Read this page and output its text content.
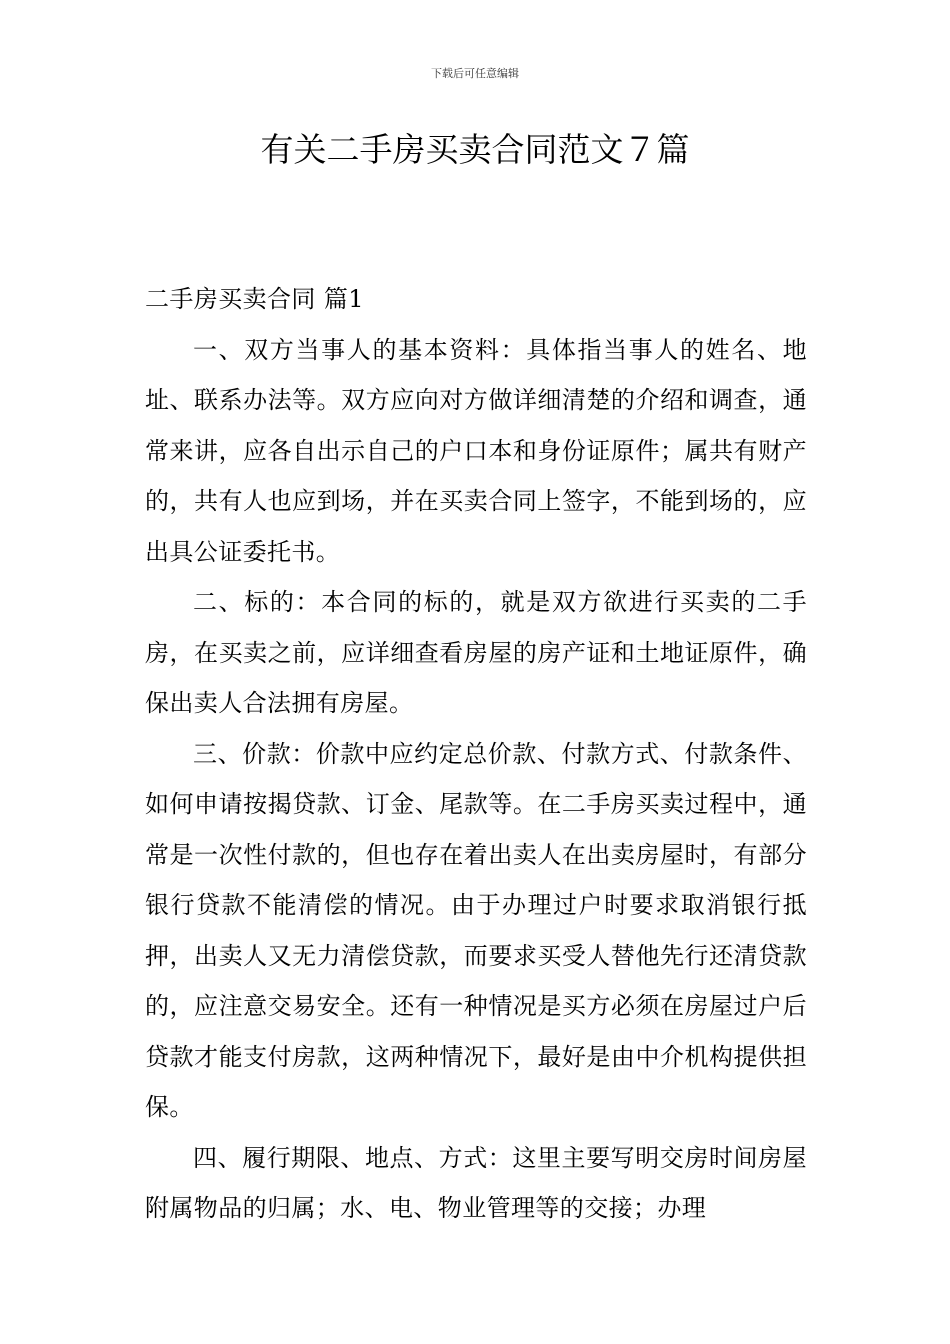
下载后可任意编辑
有关二手房买卖合同范文７篇

二手房买卖合同 篇1

一、双方当事人的基本资料：具体指当事人的姓名、地址、联系办法等。双方应向对方做详细清楚的介绍和调查，通常来讲，应各自出示自己的户口本和身份证原件；属共有财产的，共有人也应到场，并在买卖合同上签字，不能到场的，应出具公证委托书。

二、标的：本合同的标的，就是双方欲进行买卖的二手房，在买卖之前，应详细查看房屋的房产证和土地证原件，确保出卖人合法拥有房屋。

三、价款：价款中应约定总价款、付款方式、付款条件、如何申请按揭贷款、订金、尾款等。在二手房买卖过程中，通常是一次性付款的，但也存在着出卖人在出卖房屋时，有部分银行贷款不能清偿的情况。由于办理过户时要求取消银行抵押，出卖人又无力清偿贷款，而要求买受人替他先行还清贷款的，应注意交易安全。还有一种情况是买方必须在房屋过户后贷款才能支付房款，这两种情况下，最好是由中介机构提供担保。

四、履行期限、地点、方式：这里主要写明交房时间房屋附属物品的归属；水、电、物业管理等的交接；办理
